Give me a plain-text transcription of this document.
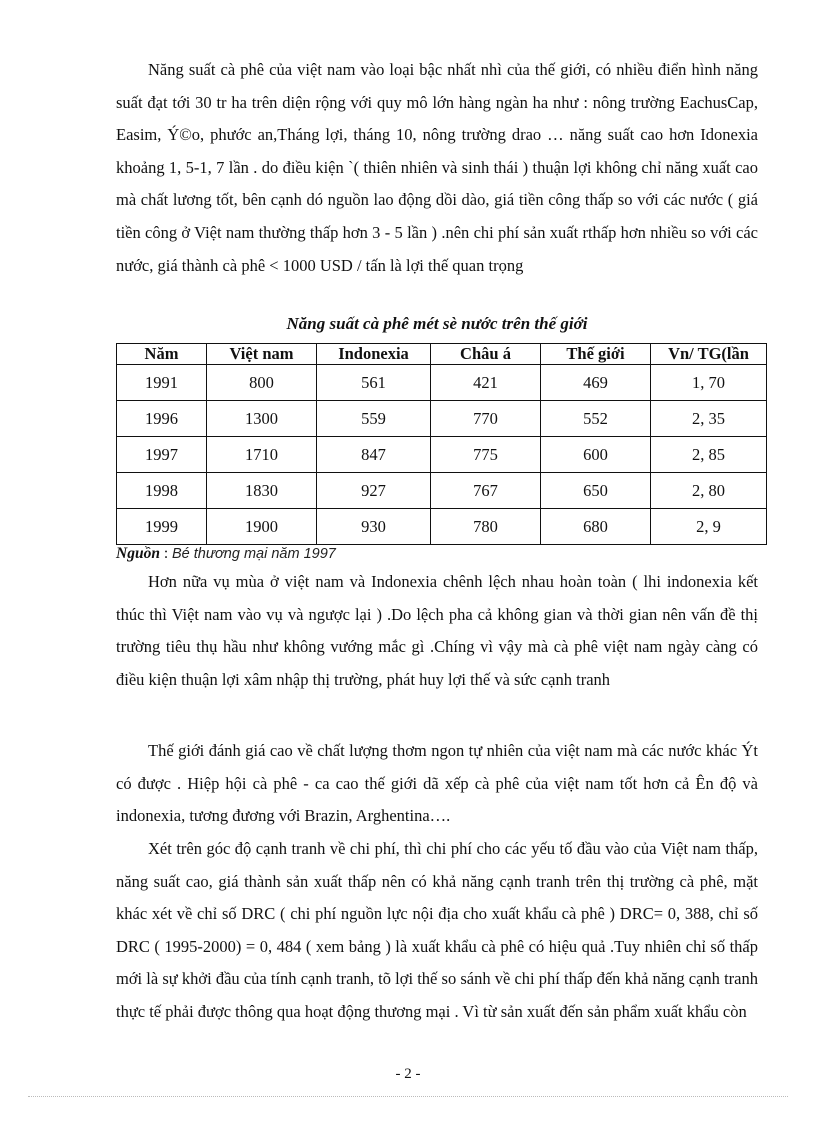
Năng suất cà phê của việt nam vào loại bậc nhất nhì của thế giới, có nhiều điển hình năng suất đạt tới 30 tr ha trên diện rộng với quy mô lớn hàng ngàn ha như : nông trường EachusCap, Easim, Ý©o, phước an,Tháng lợi, tháng 10, nông trường drao … năng suất cao hơn Idonexia khoảng 1, 5-1, 7 lần . do điều kiện `( thiên nhiên và sinh thái ) thuận lợi không chỉ năng xuất cao mà chất lương tốt, bên cạnh dó nguồn lao động dồi dào, giá tiền công thấp so với các nước ( giá tiền công ở Việt nam thường thấp hơn 3 - 5 lần ) .nên chi phí sản xuất rthấp hơn nhiều so với các nước, giá thành cà phê < 1000 USD / tấn là lợi thế quan trọng

Năng suất cà phê mét sè nước trên thế giới

Năm	Việt nam	Indonexia	Châu á	Thế giới	Vn/ TG(lần
1991	800	561	421	469	1, 70
1996	1300	559	770	552	2, 35
1997	1710	847	775	600	2, 85
1998	1830	927	767	650	2, 80
1999	1900	930	780	680	2, 9

Nguồn : Bé thương mại năm 1997

Hơn nữa vụ mùa ở việt nam và Indonexia chênh lệch nhau hoàn toàn ( lhi indonexia kết thúc thì Việt nam vào vụ và ngược lại ) .Do lệch pha cả không gian và thời gian nên vấn đề thị trường tiêu thụ hầu như không vướng mắc gì .Chíng vì vậy mà cà phê việt nam ngày càng có điều kiện thuận lợi xâm nhập thị trường, phát huy lợi thế và sức cạnh tranh

Thế giới đánh giá cao về chất lượng thơm ngon tự nhiên của việt nam mà các nước khác Ýt có được . Hiệp hội cà phê - ca cao thế giới dã xếp cà phê của việt nam tốt hơn cả Ên độ và indonexia, tương đương với Brazin, Arghentina….

Xét trên góc độ cạnh tranh về chi phí, thì chi phí cho các yếu tố đầu vào của Việt nam thấp, năng suất cao, giá thành sản xuất thấp nên có khả năng cạnh tranh trên thị trường cà phê, mặt khác xét về chỉ số DRC ( chi phí nguồn lực nội địa cho xuất khẩu cà phê ) DRC= 0, 388, chỉ số DRC ( 1995-2000) = 0, 484 ( xem bảng ) là xuất khẩu cà phê có hiệu quả .Tuy nhiên chỉ số thấp mới là sự khởi đầu của tính cạnh tranh, tõ lợi thế so sánh về chi phí thấp đến khả năng cạnh tranh thực tế phải được thông qua hoạt động thương mại . Vì từ sản xuất đến sản phẩm xuất khẩu còn

- 2 -
